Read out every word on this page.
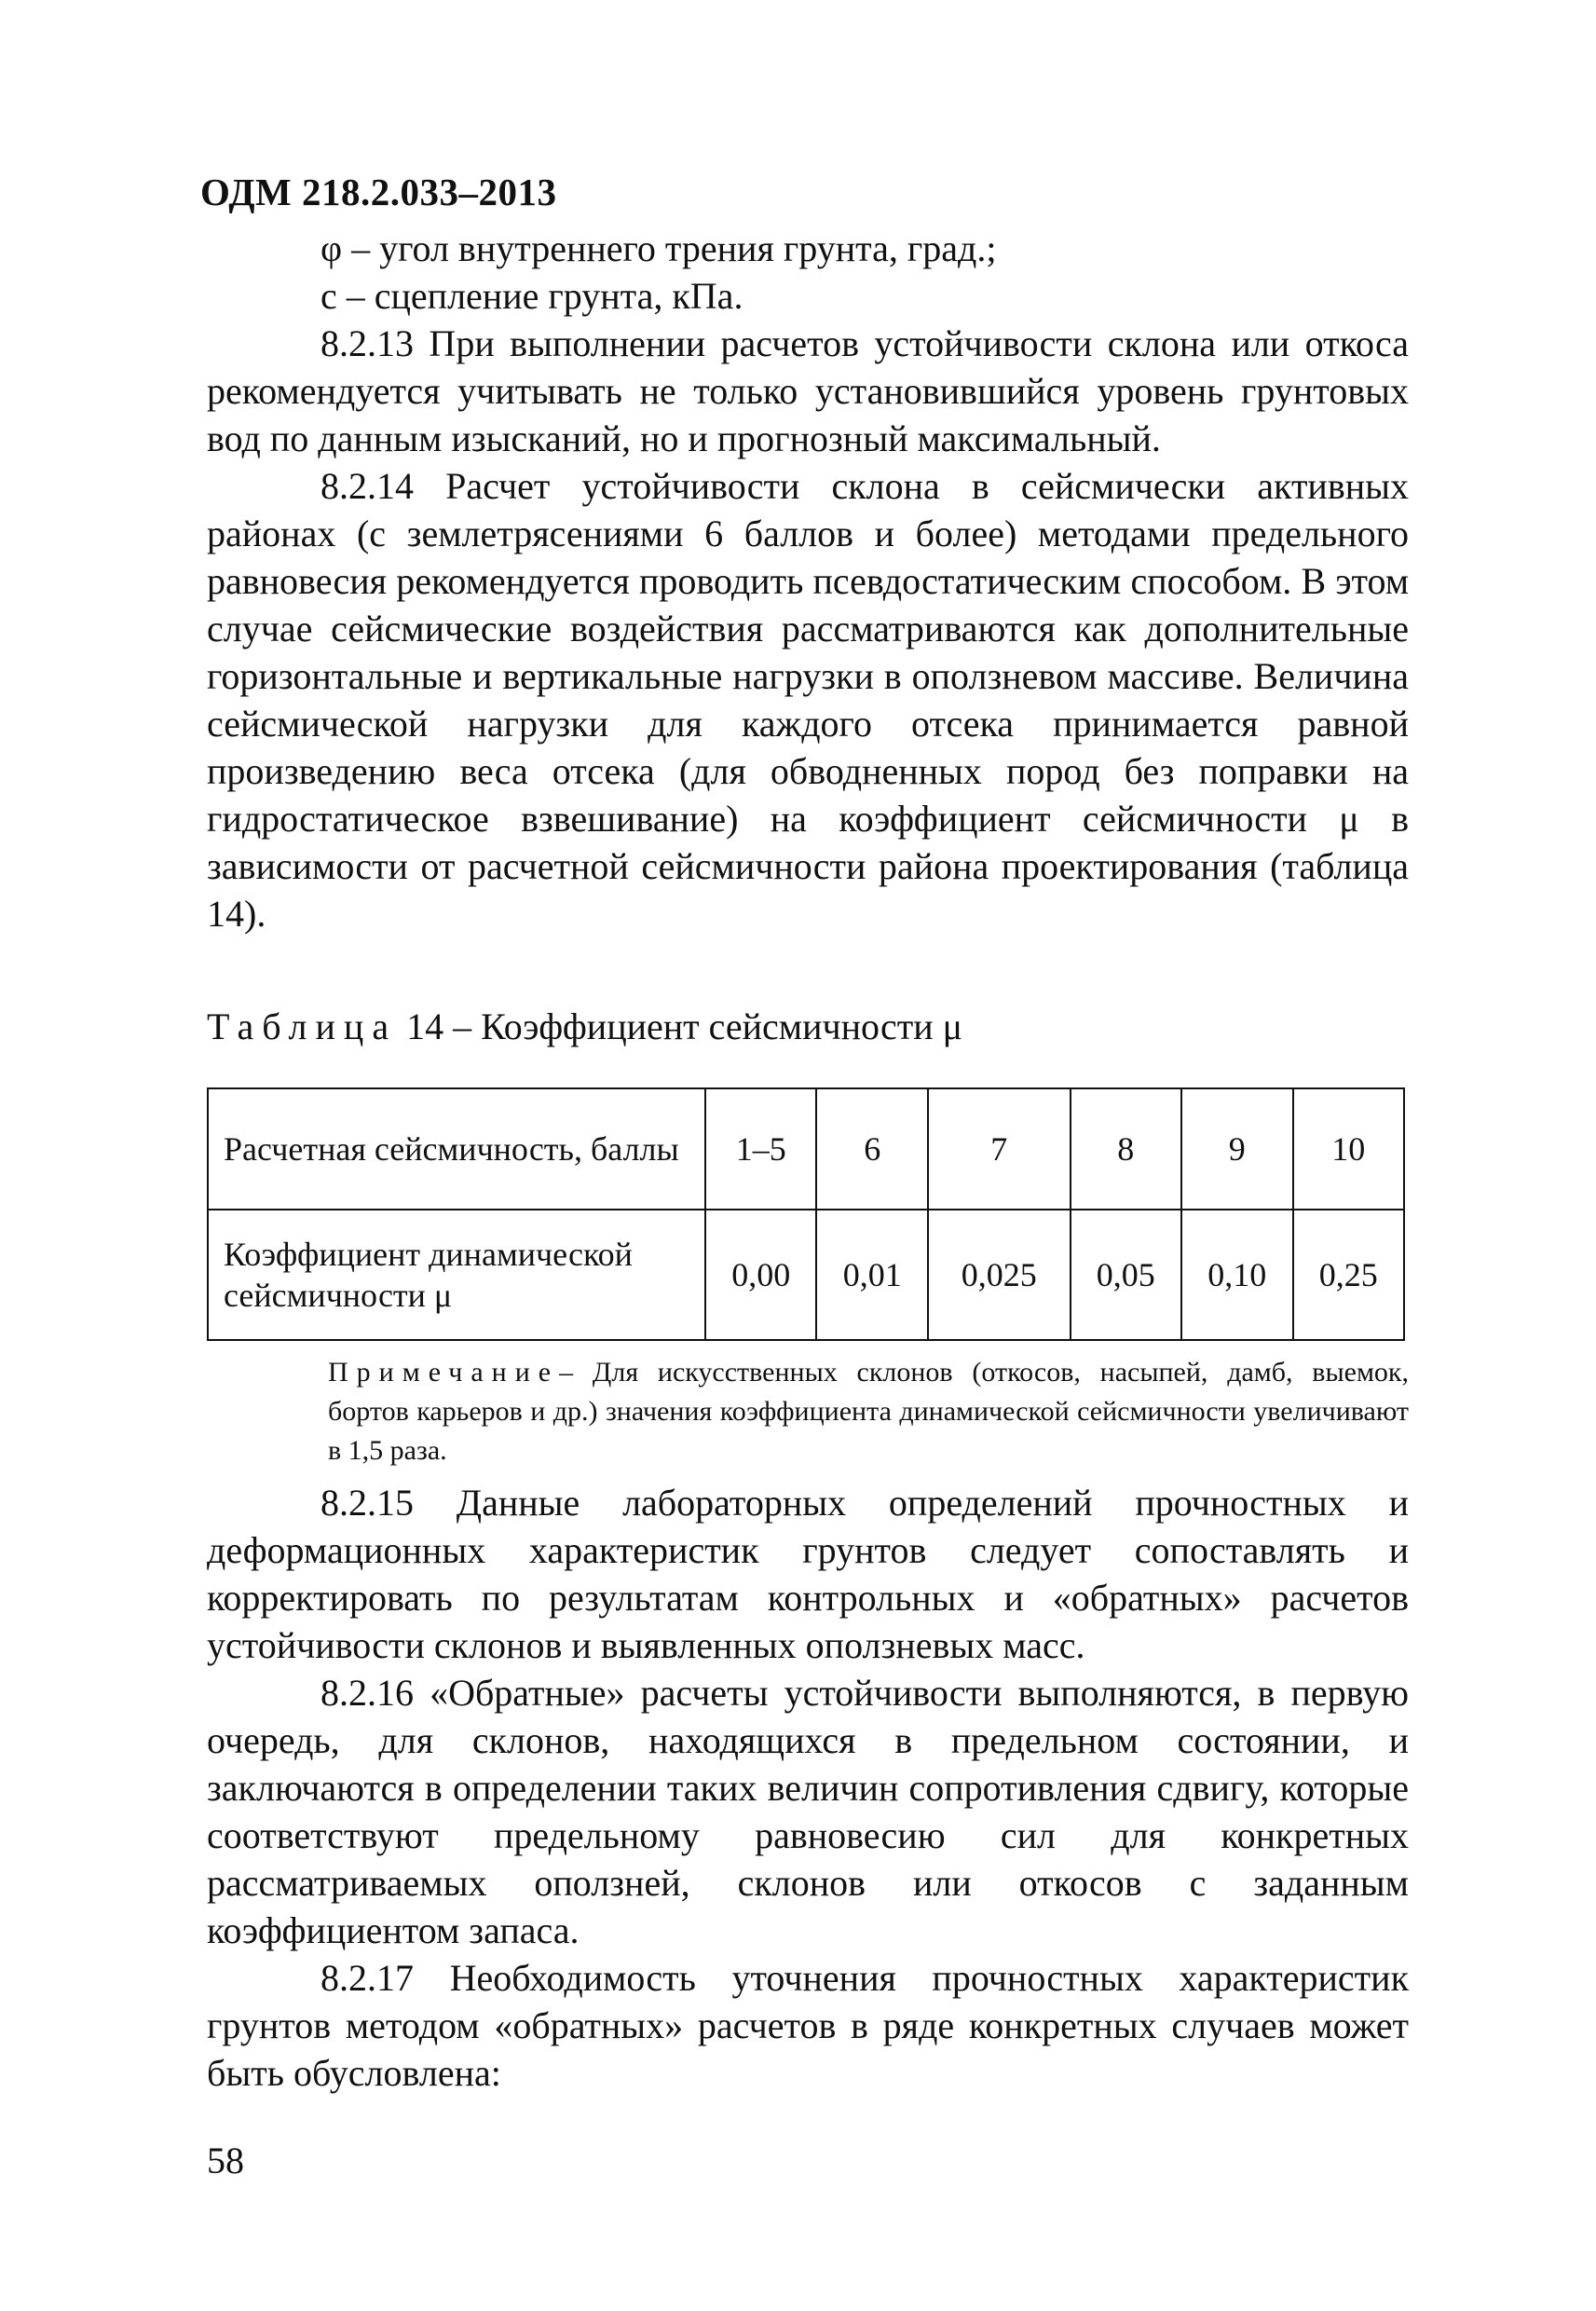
ОДМ 218.2.033–2013

φ – угол внутреннего трения грунта, град.;

с – сцепление грунта, кПа.

8.2.13 При выполнении расчетов устойчивости склона или откоса рекомендуется учитывать не только установившийся уровень грунтовых вод по данным изысканий, но и прогнозный максимальный.

8.2.14 Расчет устойчивости склона в сейсмически активных районах (с землетрясениями 6 баллов и более) методами предельного равновесия рекомендуется проводить псевдостатическим способом. В этом случае сейсмические воздействия рассматриваются как дополнительные горизонтальные и вертикальные нагрузки в оползневом массиве. Величина сейсмической нагрузки для каждого отсека принимается равной произведению веса отсека (для обводненных пород без поправки на гидростатическое взвешивание) на коэффициент сейсмичности μ в зависимости от расчетной сейсмичности района проектирования (таблица 14).

Таблица 14 – Коэффициент сейсмичности μ
Расчетная сейсмичность, баллы	1–5	6	7	8	9	10
Коэффициент динамической сейсмичности μ	0,00	0,01	0,025	0,05	0,10	0,25

Примечание– Для искусственных склонов (откосов, насыпей, дамб, выемок, бортов карьеров и др.) значения коэффициента динамической сейсмичности увеличивают в 1,5 раза.

8.2.15 Данные лабораторных определений прочностных и деформационных характеристик грунтов следует сопоставлять и корректировать по результатам контрольных и «обратных» расчетов устойчивости склонов и выявленных оползневых масс.

8.2.16 «Обратные» расчеты устойчивости выполняются, в первую очередь, для склонов, находящихся в предельном состоянии, и заключаются в определении таких величин сопротивления сдвигу, которые соответствуют предельному равновесию сил для конкретных рассматриваемых оползней, склонов или откосов с заданным коэффициентом запаса.

8.2.17 Необходимость уточнения прочностных характеристик грунтов методом «обратных» расчетов в ряде конкретных случаев может быть обусловлена:

58
